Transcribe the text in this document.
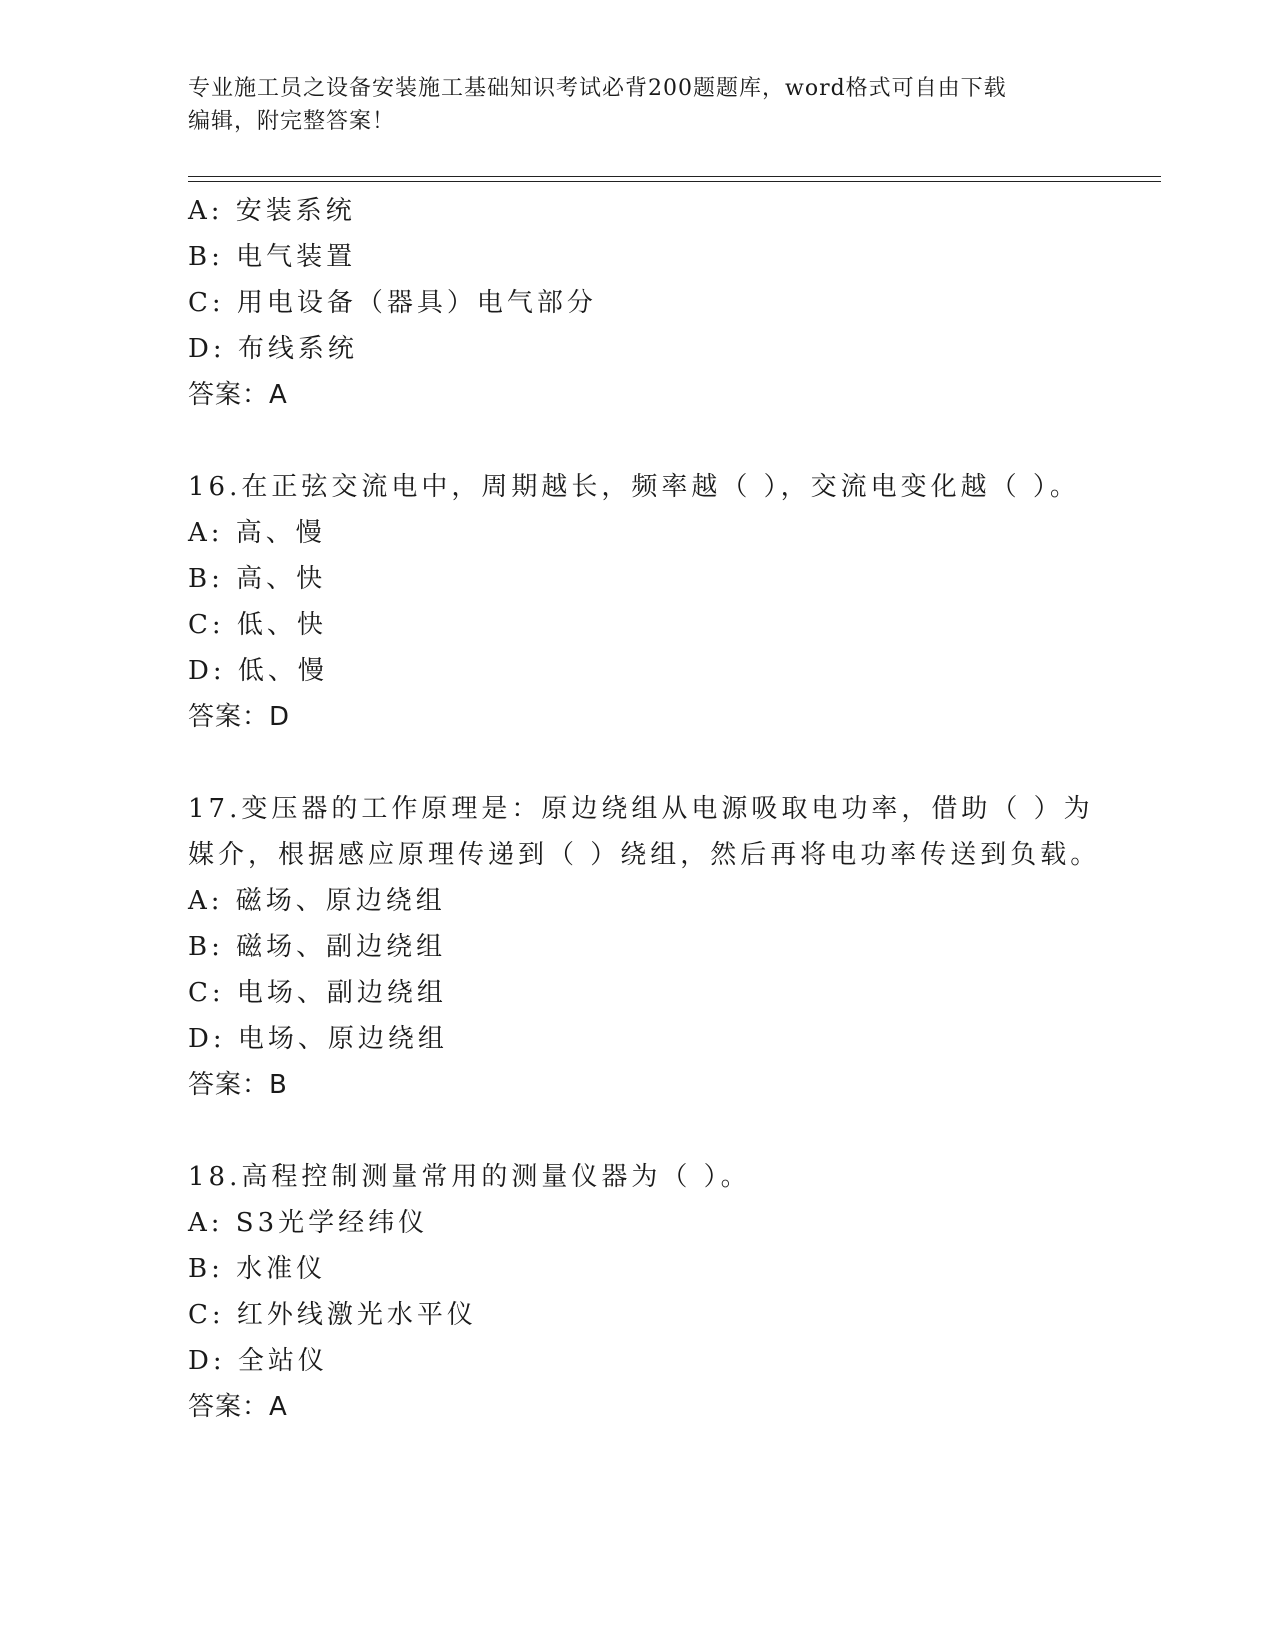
专业施工员之设备安装施工基础知识考试必背200题题库，word格式可自由下载
编辑，附完整答案！
A: 安装系统
B: 电气装置
C: 用电设备（器具）电气部分
D: 布线系统
答案：A
16.在正弦交流电中，周期越长，频率越（ ），交流电变化越（ ）。
A: 高、慢
B: 高、快
C: 低、快
D: 低、慢
答案：D
17.变压器的工作原理是：原边绕组从电源吸取电功率，借助（ ）为
媒介，根据感应原理传递到（ ）绕组，然后再将电功率传送到负载。
A: 磁场、原边绕组
B: 磁场、副边绕组
C: 电场、副边绕组
D: 电场、原边绕组
答案：B
18.高程控制测量常用的测量仪器为（ ）。
A: S3光学经纬仪
B: 水准仪
C: 红外线激光水平仪
D: 全站仪
答案：A
